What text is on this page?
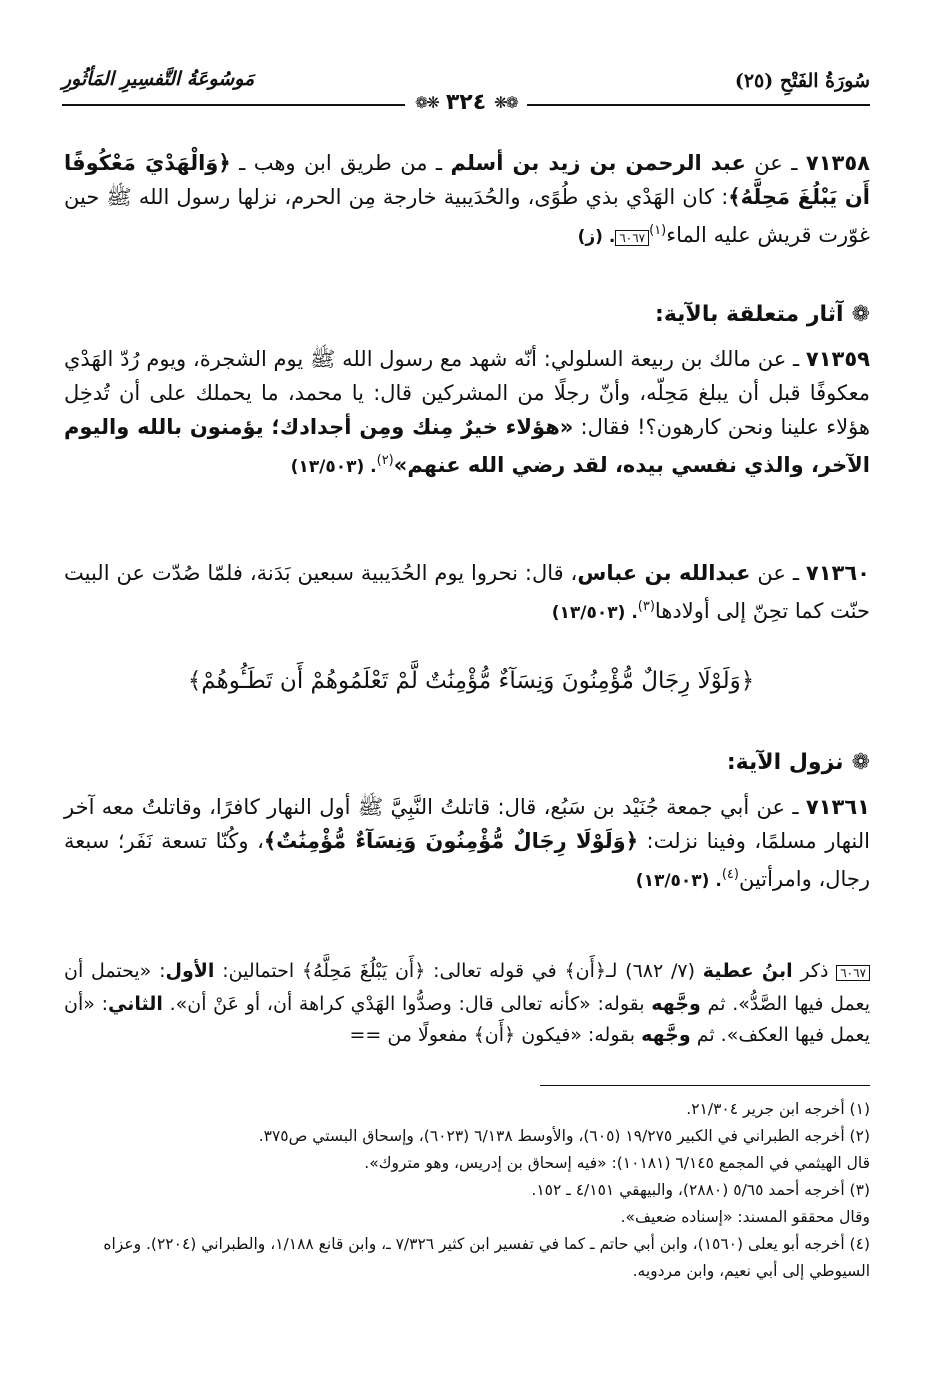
سُورَةُ الفَتْحِ (٢٥)
مَوسُوعَةُ التَّفسِيرِ المَأثُورِ
❁❋
٣٢٤
❋❁
٧١٣٥٨ ـ عن عبد الرحمن بن زيد بن أسلم ـ من طريق ابن وهب ـ ﴿وَالْهَدْيَ مَعْكُوفًا أَن يَبْلُغَ مَحِلَّهُ﴾: كان الهَدْي بذي طُوًى، والحُدَيبية خارجة مِن الحرم، نزلها رسول الله ﷺ حين غوّرت قريش عليه الماء$^{(١)}$٦٠٦٧. (ز)
❁آثار متعلقة بالآية:
٧١٣٥٩ ـ عن مالك بن ربيعة السلولي: أنّه شهد مع رسول الله ﷺ يوم الشجرة، ويوم رُدّ الهَدْي معكوفًا قبل أن يبلغ مَحِلّه، وأنّ رجلًا من المشركين قال: يا محمد، ما يحملك على أن تُدخِل هؤلاء علينا ونحن كارهون؟! فقال: «هؤلاء خيرٌ مِنك ومِن أجدادك؛ يؤمنون بالله واليوم الآخر، والذي نفسي بيده، لقد رضي الله عنهم»$^{(٢)}$. (١٣/٥٠٣)
٧١٣٦٠ ـ عن عبدالله بن عباس، قال: نحروا يوم الحُدَيبية سبعين بَدَنة، فلمّا صُدّت عن البيت حنّت كما تحِنّ إلى أولادها$^{(٣)}$. (١٣/٥٠٣)
﴿وَلَوْلَا رِجَالٌ مُّؤْمِنُونَ وَنِسَآءٌ مُّؤْمِنَٰتٌ لَّمْ تَعْلَمُوهُمْ أَن تَطَـُٔوهُمْ﴾
❁نزول الآية:
٧١٣٦١ ـ عن أبي جمعة جُنَيْد بن سَبُع، قال: قاتلتُ النَّبِيَّ ﷺ أول النهار كافرًا، وقاتلتُ معه آخر النهار مسلمًا، وفينا نزلت: ﴿وَلَوْلَا رِجَالٌ مُّؤْمِنُونَ وَنِسَآءٌ مُّؤْمِنَٰتٌ﴾، وكُنّا تسعة نَفَر؛ سبعة رجال، وامرأتين$^{(٤)}$. (١٣/٥٠٣)
٦٠٦٧ ذكر ابنُ عطية (٧/ ٦٨٢) لـ﴿أَن﴾ في قوله تعالى: ﴿أَن يَبْلُغَ مَحِلَّهُ﴾ احتمالين: الأول: «يحتمل أن يعمل فيها الصَّدُّ». ثم وجَّهه بقوله: «كأنه تعالى قال: وصدُّوا الهَدْي كراهة أن، أو عَنْ أن». الثاني: «أن يعمل فيها العكف». ثم وجَّهه بقوله: «فيكون ﴿أَن﴾ مفعولًا من ==
(١) أخرجه ابن جرير ٢١/٣٠٤.
(٢) أخرجه الطبراني في الكبير ١٩/٢٧٥ (٦٠٥)، والأوسط ٦/١٣٨ (٦٠٢٣)، وإسحاق البستي ص٣٧٥.
قال الهيثمي في المجمع ٦/١٤٥ (١٠١٨١): «فيه إسحاق بن إدريس، وهو متروك».
(٣) أخرجه أحمد ٥/٦٥ (٢٨٨٠)، والبيهقي ٤/١٥١ ـ ١٥٢.
وقال محققو المسند: «إسناده ضعيف».
(٤) أخرجه أبو يعلى (١٥٦٠)، وابن أبي حاتم ـ كما في تفسير ابن كثير ٧/٣٢٦ ـ، وابن قانع ١/١٨٨، والطبراني (٢٢٠٤). وعزاه السيوطي إلى أبي نعيم، وابن مردويه.
